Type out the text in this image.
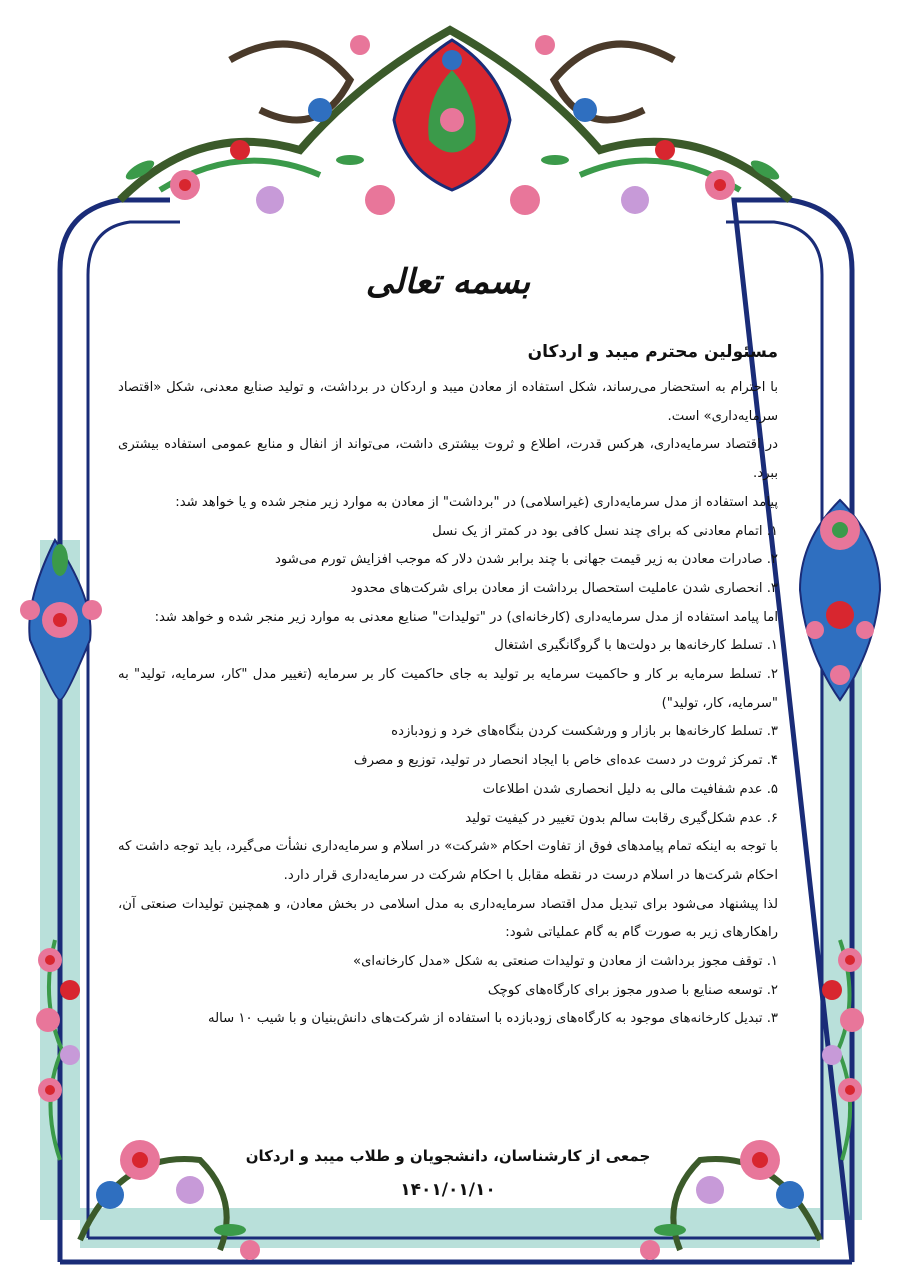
بسمه تعالی
مسئولین محترم میبد و اردکان

با احترام به استحضار می‌رساند، شکل استفاده از معادن میبد و اردکان در برداشت، و تولید صنایع معدنی، شکل «اقتصاد سرمایه‌داری» است.

در اقتصاد سرمایه‌داری، هرکس قدرت، اطلاع و ثروت بیشتری داشت، می‌تواند از انفال و منابع عمومی استفاده بیشتری ببرد.

پیامد استفاده از مدل سرمایه‌داری (غیراسلامی) در "برداشت" از معادن به موارد زیر منجر شده و یا خواهد شد:

۱. اتمام معادنی که برای چند نسل کافی بود در کمتر از یک نسل

۲. صادرات معادن به زیر قیمت جهانی با چند برابر شدن دلار که موجب افزایش تورم می‌شود

۳. انحصاری شدن عاملیت استحصال برداشت از معادن برای شرکت‌های محدود

اما پیامد استفاده از مدل سرمایه‌داری (کارخانه‌ای) در "تولیدات" صنایع معدنی به موارد زیر منجر شده و خواهد شد:

۱. تسلط کارخانه‌ها بر دولت‌ها با گروگانگیری اشتغال

۲. تسلط سرمایه بر کار و حاکمیت سرمایه بر تولید به جای حاکمیت کار بر سرمایه (تغییر مدل "کار، سرمایه، تولید" به "سرمایه، کار، تولید")

۳. تسلط کارخانه‌ها بر بازار و ورشکست کردن بنگاه‌های خرد و زودبازده

۴. تمرکز ثروت در دست عده‌ای خاص با ایجاد انحصار در تولید، توزیع و مصرف

۵. عدم شفافیت مالی به دلیل انحصاری شدن اطلاعات

۶. عدم شکل‌گیری رقابت سالم بدون تغییر در کیفیت تولید

با توجه به اینکه تمام پیامدهای فوق از تفاوت احکام «شرکت» در اسلام و سرمایه‌داری نشأت می‌گیرد، باید توجه داشت که احکام شرکت‌ها در اسلام درست در نقطه مقابل با احکام شرکت در سرمایه‌داری قرار دارد.

لذا پیشنهاد می‌شود برای تبدیل مدل اقتصاد سرمایه‌داری به مدل اسلامی در بخش معادن، و همچنین تولیدات صنعتی آن، راهکارهای زیر به صورت گام به گام عملیاتی شود:

۱. توقف مجوز برداشت از معادن و تولیدات صنعتی به شکل «مدل کارخانه‌ای»

۲. توسعه صنایع با صدور مجوز برای کارگاه‌های کوچک

۳. تبدیل کارخانه‌های موجود به کارگاه‌های زودبازده با استفاده از شرکت‌های دانش‌بنیان و با شیب ۱۰ ساله

جمعی از کارشناسان، دانشجویان و طلاب میبد و اردکان
۱۴۰۱/۰۱/۱۰
